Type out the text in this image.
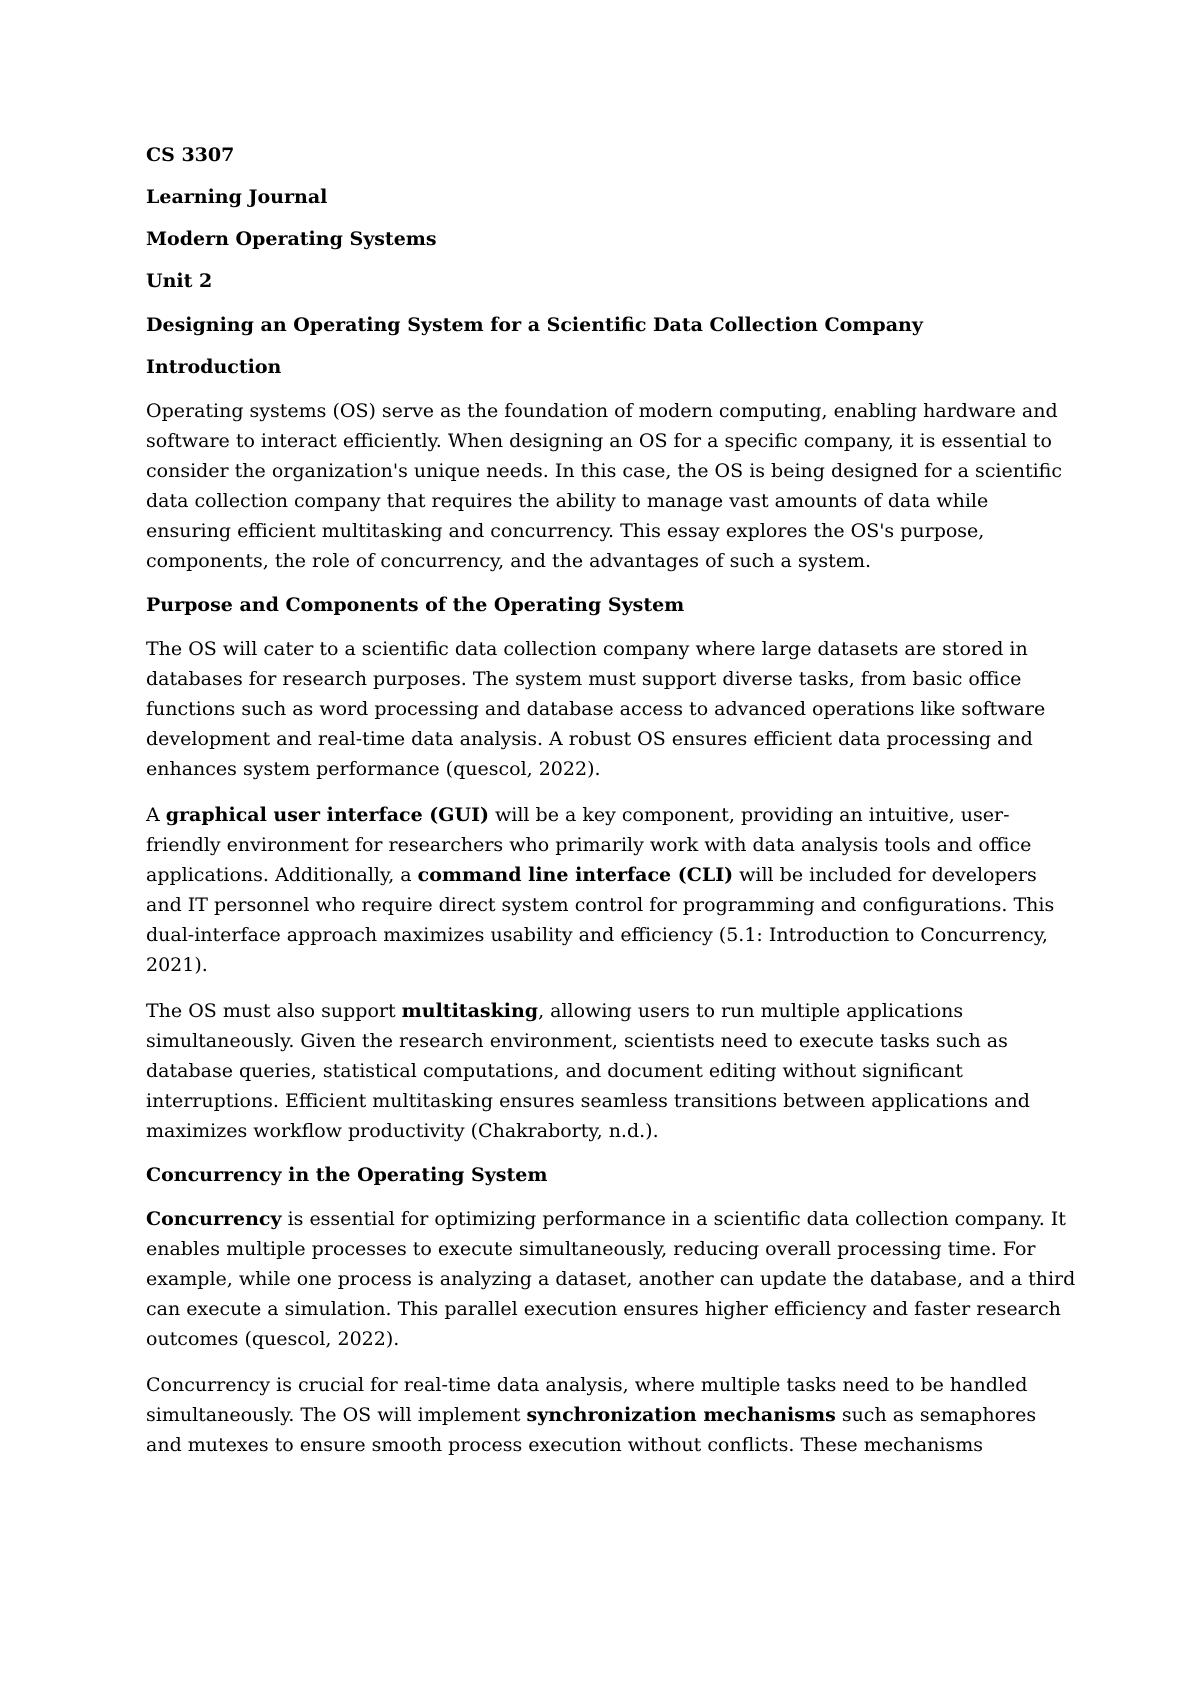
CS 3307
Learning Journal
Modern Operating Systems
Unit 2
Designing an Operating System for a Scientific Data Collection Company
Introduction

Operating systems (OS) serve as the foundation of modern computing, enabling hardware and software to interact efficiently. When designing an OS for a specific company, it is essential to consider the organization's unique needs. In this case, the OS is being designed for a scientific data collection company that requires the ability to manage vast amounts of data while ensuring efficient multitasking and concurrency. This essay explores the OS's purpose, components, the role of concurrency, and the advantages of such a system.

Purpose and Components of the Operating System

The OS will cater to a scientific data collection company where large datasets are stored in databases for research purposes. The system must support diverse tasks, from basic office functions such as word processing and database access to advanced operations like software development and real-time data analysis. A robust OS ensures efficient data processing and enhances system performance (quescol, 2022).

A graphical user interface (GUI) will be a key component, providing an intuitive, user-friendly environment for researchers who primarily work with data analysis tools and office applications. Additionally, a command line interface (CLI) will be included for developers and IT personnel who require direct system control for programming and configurations. This dual-interface approach maximizes usability and efficiency (5.1: Introduction to Concurrency, 2021).

The OS must also support multitasking, allowing users to run multiple applications simultaneously. Given the research environment, scientists need to execute tasks such as database queries, statistical computations, and document editing without significant interruptions. Efficient multitasking ensures seamless transitions between applications and maximizes workflow productivity (Chakraborty, n.d.).

Concurrency in the Operating System

Concurrency is essential for optimizing performance in a scientific data collection company. It enables multiple processes to execute simultaneously, reducing overall processing time. For example, while one process is analyzing a dataset, another can update the database, and a third can execute a simulation. This parallel execution ensures higher efficiency and faster research outcomes (quescol, 2022).

Concurrency is crucial for real-time data analysis, where multiple tasks need to be handled simultaneously. The OS will implement synchronization mechanisms such as semaphores and mutexes to ensure smooth process execution without conflicts. These mechanisms
